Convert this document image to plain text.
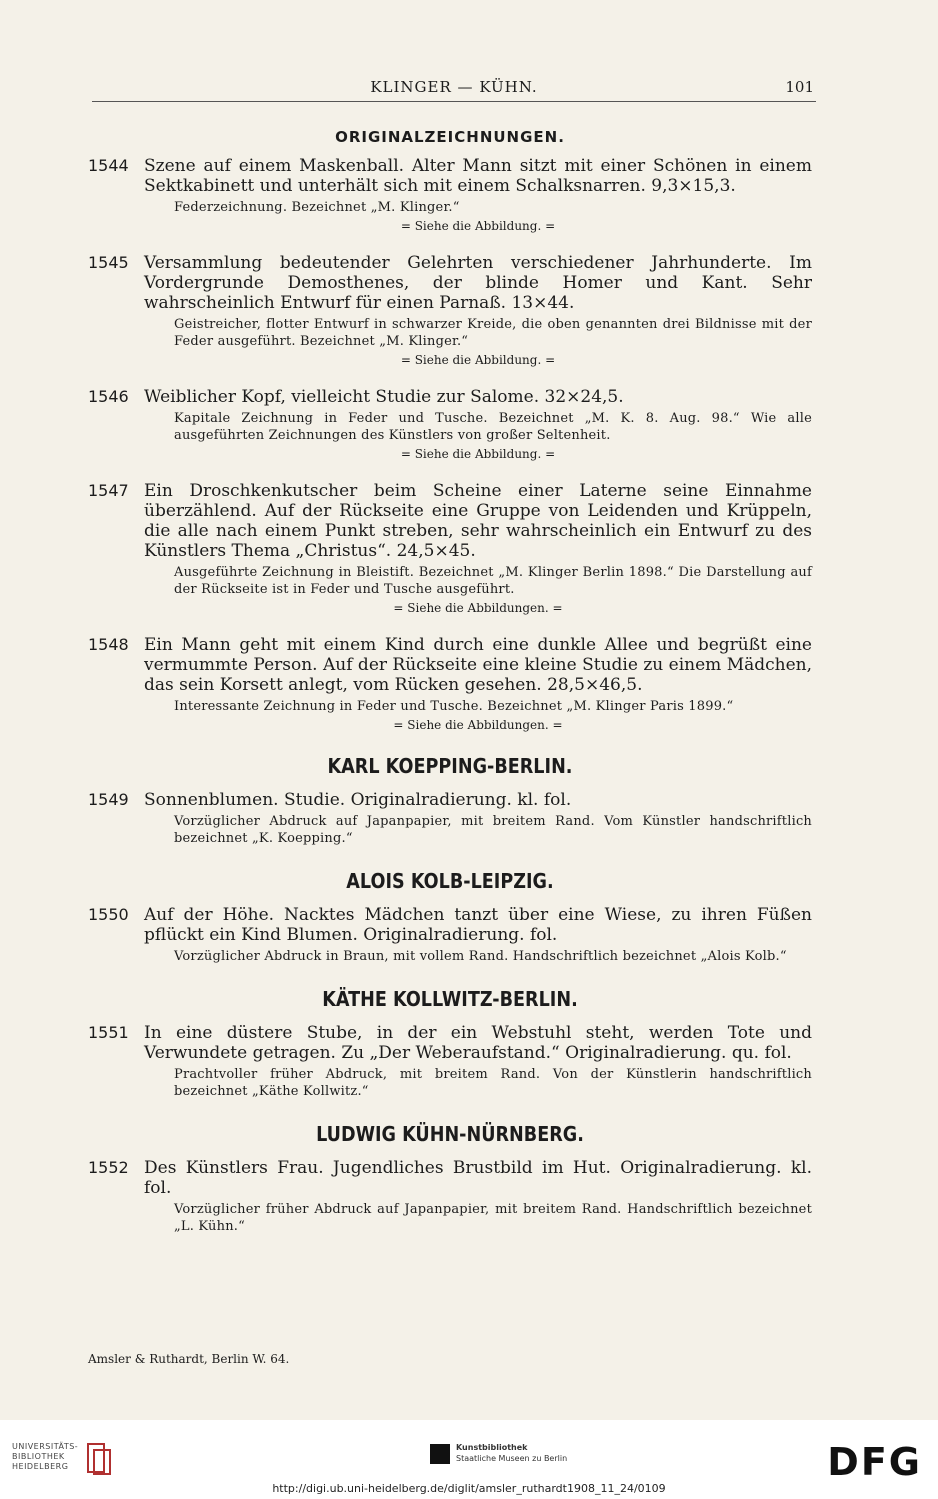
KLINGER — KÜHN.	101
ORIGINALZEICHNUNGEN.
1544 Szene auf einem Maskenball. Alter Mann sitzt mit einer Schönen in einem Sektkabinett und unterhält sich mit einem Schalksnarren. 9,3×15,3.
Federzeichnung. Bezeichnet „M. Klinger.“
= Siehe die Abbildung. =
1545 Versammlung bedeutender Gelehrten verschiedener Jahrhunderte. Im Vordergrunde Demosthenes, der blinde Homer und Kant. Sehr wahrscheinlich Entwurf für einen Parnaß. 13×44.
Geistreicher, flotter Entwurf in schwarzer Kreide, die oben genannten drei Bildnisse mit der Feder ausgeführt. Bezeichnet „M. Klinger.“
= Siehe die Abbildung. =
1546 Weiblicher Kopf, vielleicht Studie zur Salome. 32×24,5.
Kapitale Zeichnung in Feder und Tusche. Bezeichnet „M. K. 8. Aug. 98.“ Wie alle ausgeführten Zeichnungen des Künstlers von großer Seltenheit.
= Siehe die Abbildung. =
1547 Ein Droschkenkutscher beim Scheine einer Laterne seine Einnahme überzählend. Auf der Rückseite eine Gruppe von Leidenden und Krüppeln, die alle nach einem Punkt streben, sehr wahrscheinlich ein Entwurf zu des Künstlers Thema „Christus“. 24,5×45.
Ausgeführte Zeichnung in Bleistift. Bezeichnet „M. Klinger Berlin 1898.“ Die Darstellung auf der Rückseite ist in Feder und Tusche ausgeführt.
= Siehe die Abbildungen. =
1548 Ein Mann geht mit einem Kind durch eine dunkle Allee und begrüßt eine vermummte Person. Auf der Rückseite eine kleine Studie zu einem Mädchen, das sein Korsett anlegt, vom Rücken gesehen. 28,5×46,5.
Interessante Zeichnung in Feder und Tusche. Bezeichnet „M. Klinger Paris 1899.“
= Siehe die Abbildungen. =
KARL KOEPPING-BERLIN.
1549 Sonnenblumen. Studie. Originalradierung. kl. fol.
Vorzüglicher Abdruck auf Japanpapier, mit breitem Rand. Vom Künstler handschriftlich bezeichnet „K. Koepping.“
ALOIS KOLB-LEIPZIG.
1550 Auf der Höhe. Nacktes Mädchen tanzt über eine Wiese, zu ihren Füßen pflückt ein Kind Blumen. Originalradierung. fol.
Vorzüglicher Abdruck in Braun, mit vollem Rand. Handschriftlich bezeichnet „Alois Kolb.“
KÄTHE KOLLWITZ-BERLIN.
1551 In eine düstere Stube, in der ein Webstuhl steht, werden Tote und Verwundete getragen. Zu „Der Weberaufstand.“ Originalradierung. qu. fol.
Prachtvoller früher Abdruck, mit breitem Rand. Von der Künstlerin handschriftlich bezeichnet „Käthe Kollwitz.“
LUDWIG KÜHN-NÜRNBERG.
1552 Des Künstlers Frau. Jugendliches Brustbild im Hut. Originalradierung. kl. fol.
Vorzüglicher früher Abdruck auf Japanpapier, mit breitem Rand. Handschriftlich bezeichnet „L. Kühn.“
Amsler & Ruthardt, Berlin W. 64.
UNIVERSITÄTS-
BIBLIOTHEK
HEIDELBERG
Kunstbibliothek
Staatliche Museen zu Berlin	DFG
http://digi.ub.uni-heidelberg.de/diglit/amsler_ruthardt1908_11_24/0109
